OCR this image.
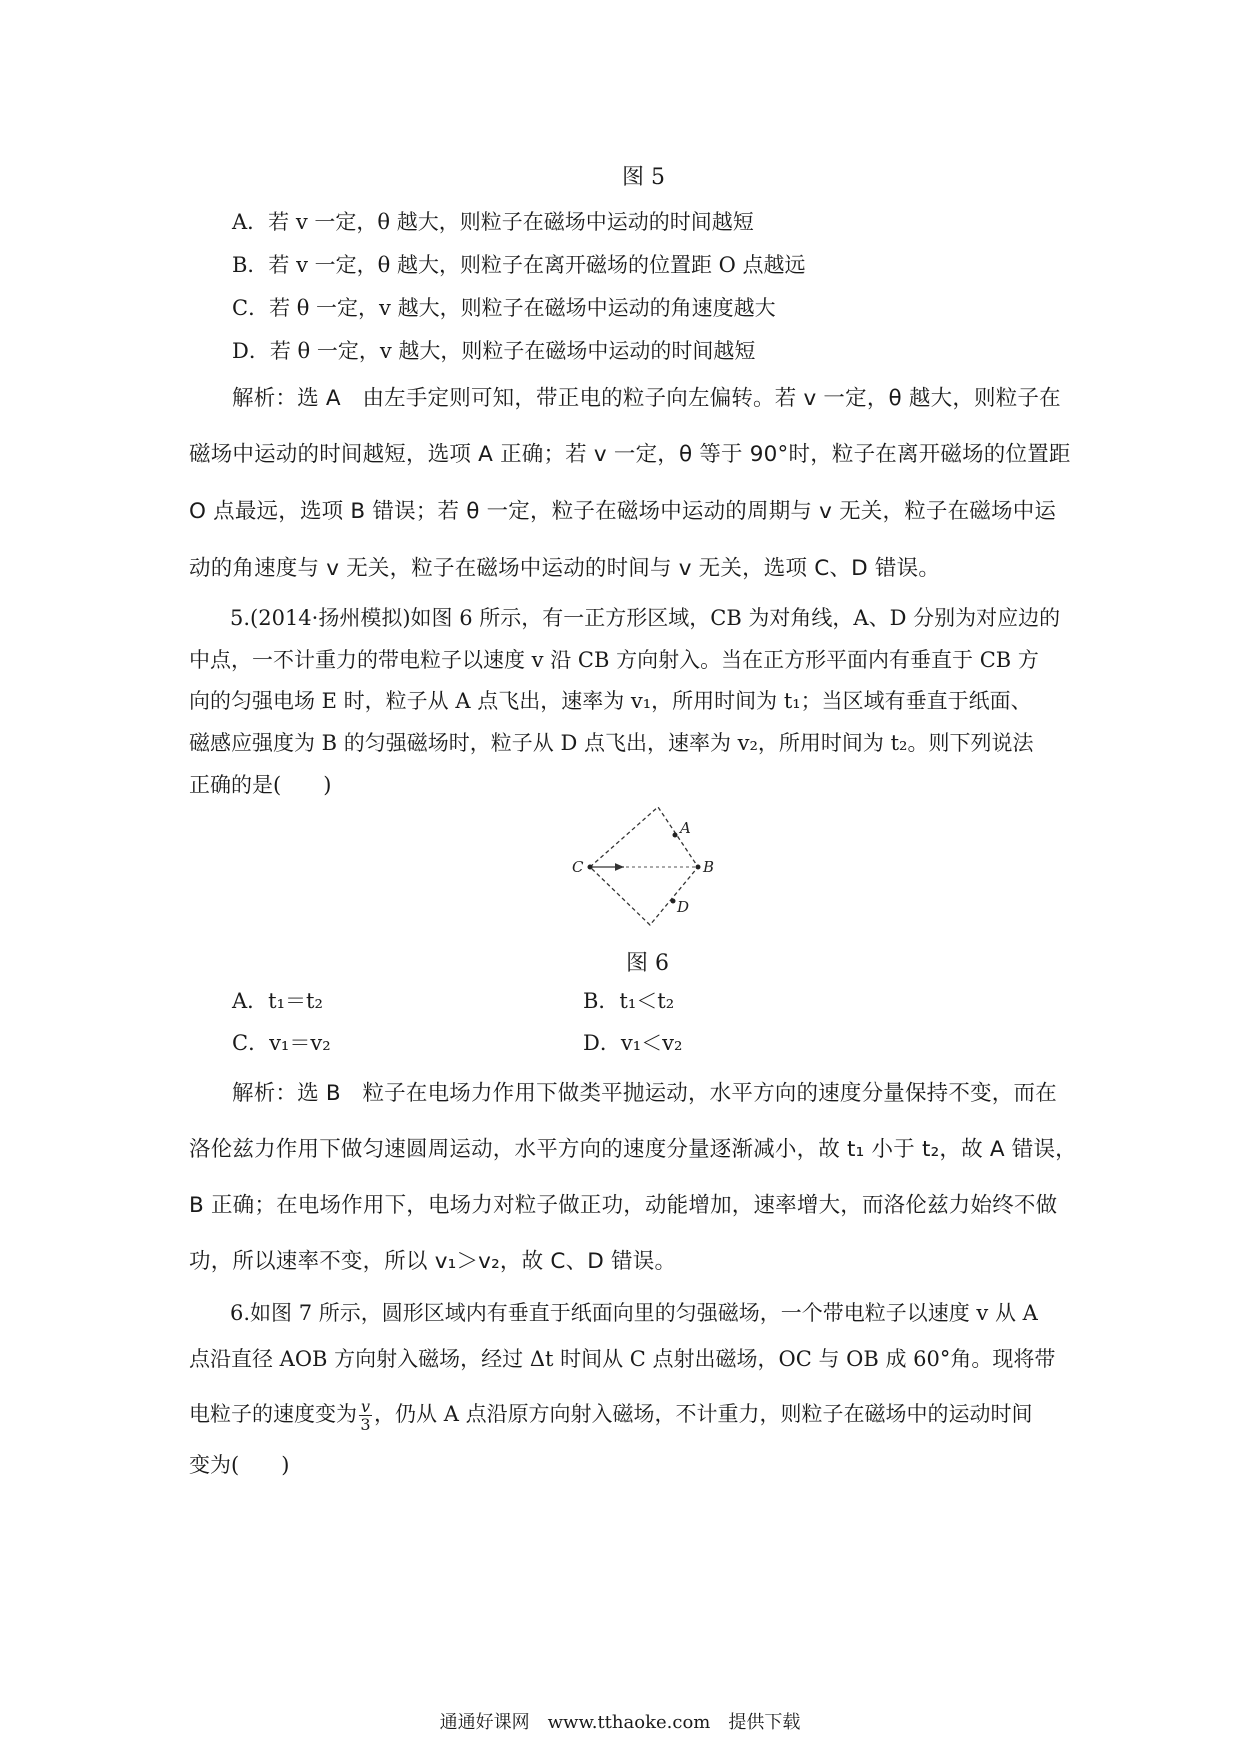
图 5
A．若 v 一定，θ 越大，则粒子在磁场中运动的时间越短
B．若 v 一定，θ 越大，则粒子在离开磁场的位置距 O 点越远
C．若 θ 一定，v 越大，则粒子在磁场中运动的角速度越大
D．若 θ 一定，v 越大，则粒子在磁场中运动的时间越短
解析：选 A　由左手定则可知，带正电的粒子向左偏转。若 v 一定，θ 越大，则粒子在
磁场中运动的时间越短，选项 A 正确；若 v 一定，θ 等于 90°时，粒子在离开磁场的位置距
O 点最远，选项 B 错误；若 θ 一定，粒子在磁场中运动的周期与 v 无关，粒子在磁场中运
动的角速度与 v 无关，粒子在磁场中运动的时间与 v 无关，选项 C、D 错误。
5.(2014·扬州模拟)如图 6 所示，有一正方形区域，CB 为对角线，A、D 分别为对应边的
中点，一不计重力的带电粒子以速度 v 沿 CB 方向射入。当在正方形平面内有垂直于 CB 方
向的匀强电场 E 时，粒子从 A 点飞出，速率为 v₁，所用时间为 t₁；当区域有垂直于纸面、
磁感应强度为 B 的匀强磁场时，粒子从 D 点飞出，速率为 v₂，所用时间为 t₂。则下列说法
正确的是(　　)
C	B
A
D
图 6
A．t₁＝t₂	B．t₁＜t₂
C．v₁＝v₂	D．v₁＜v₂
解析：选 B　粒子在电场力作用下做类平抛运动，水平方向的速度分量保持不变，而在
洛伦兹力作用下做匀速圆周运动，水平方向的速度分量逐渐减小，故 t₁ 小于 t₂，故 A 错误，
B 正确；在电场作用下，电场力对粒子做正功，动能增加，速率增大，而洛伦兹力始终不做
功，所以速率不变，所以 v₁＞v₂，故 C、D 错误。
6.如图 7 所示，圆形区域内有垂直于纸面向里的匀强磁场，一个带电粒子以速度 v 从 A
点沿直径 AOB 方向射入磁场，经过 Δt 时间从 C 点射出磁场，OC 与 OB 成 60°角。现将带
电粒子的速度变为 $\frac{v}{3}$ ，仍从 A 点沿原方向射入磁场，不计重力，则粒子在磁场中的运动时间
变为(　　)
通通好课网　www.tthaoke.com　提供下载
